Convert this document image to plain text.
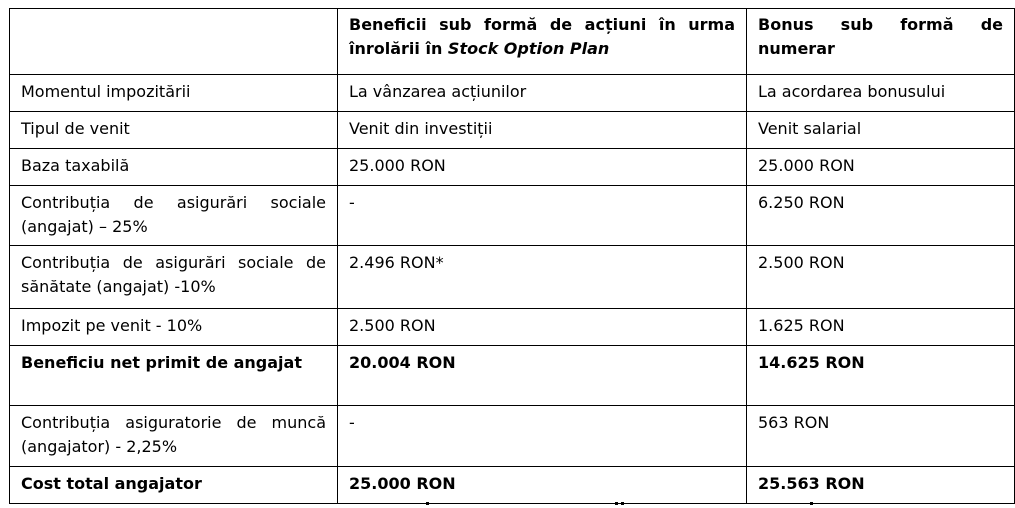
	Beneficii sub formă de acțiuni în urma înrolării în Stock Option Plan	Bonus sub formă de numerar
Momentul impozitării	La vânzarea acțiunilor	La acordarea bonusului
Tipul de venit	Venit din investiții	Venit salarial
Baza taxabilă	25.000 RON	25.000 RON
Contribuția de asigurări sociale (angajat) – 25%	-	6.250 RON
Contribuția de asigurări sociale de sănătate (angajat) -10%	2.496 RON*	2.500 RON
Impozit pe venit - 10%	2.500 RON	1.625 RON
Beneficiu net primit de angajat	20.004 RON	14.625 RON
Contribuția asiguratorie de muncă (angajator) - 2,25%	-	563 RON
Cost total angajator	25.000 RON	25.563 RON
